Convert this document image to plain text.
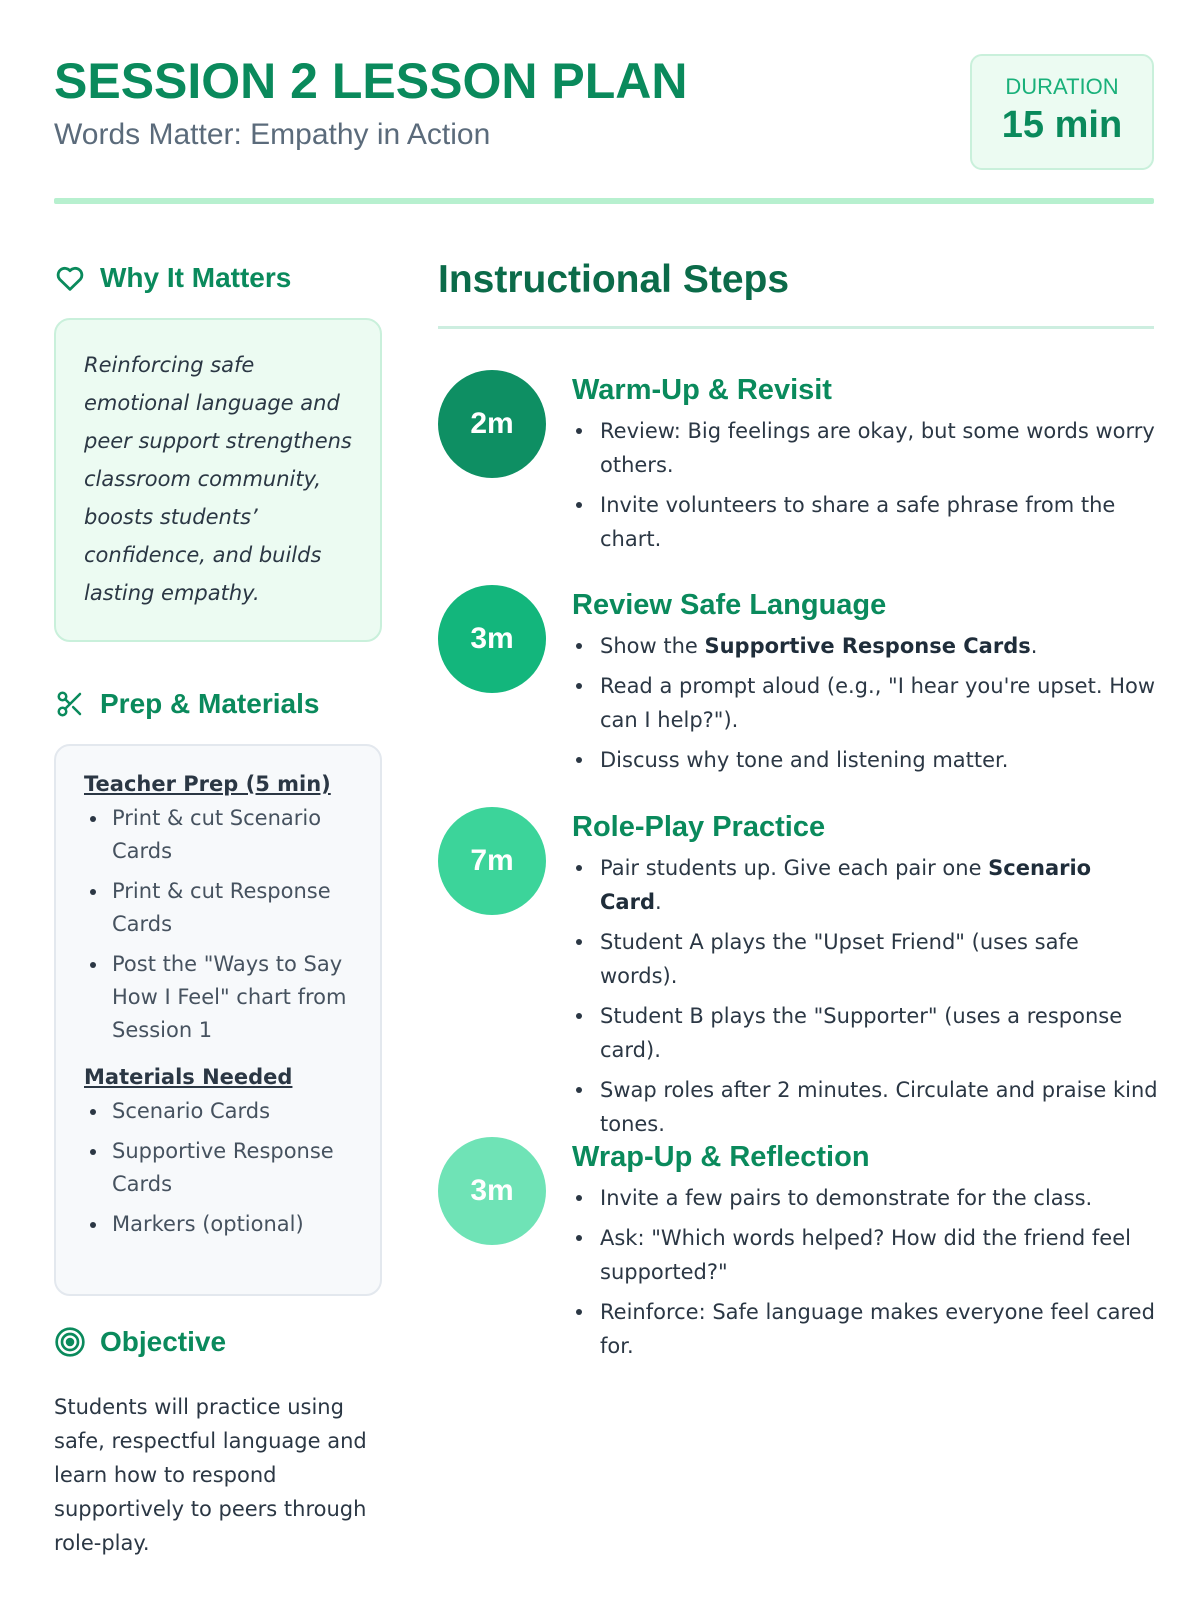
SESSION 2 LESSON PLAN
Words Matter: Empathy in Action
DURATION
15 min
Why It Matters
Reinforcing safe emotional language and peer support strengthens classroom community, boosts students’ confidence, and builds lasting empathy.
Prep & Materials
Teacher Prep (5 min)
Print & cut Scenario Cards
Print & cut Response Cards
Post the "Ways to Say How I Feel" chart from Session 1
Materials Needed
Scenario Cards
Supportive Response Cards
Markers (optional)
Objective
Students will practice using safe, respectful language and learn how to respond supportively to peers through role-play.
Instructional Steps
2m
Warm-Up & Revisit
Review: Big feelings are okay, but some words worry others.
Invite volunteers to share a safe phrase from the chart.
3m
Review Safe Language
Show the Supportive Response Cards.
Read a prompt aloud (e.g., "I hear you're upset. How can I help?").
Discuss why tone and listening matter.
7m
Role-Play Practice
Pair students up. Give each pair one Scenario Card.
Student A plays the "Upset Friend" (uses safe words).
Student B plays the "Supporter" (uses a response card).
Swap roles after 2 minutes. Circulate and praise kind tones.
3m
Wrap-Up & Reflection
Invite a few pairs to demonstrate for the class.
Ask: "Which words helped? How did the friend feel supported?"
Reinforce: Safe language makes everyone feel cared for.
